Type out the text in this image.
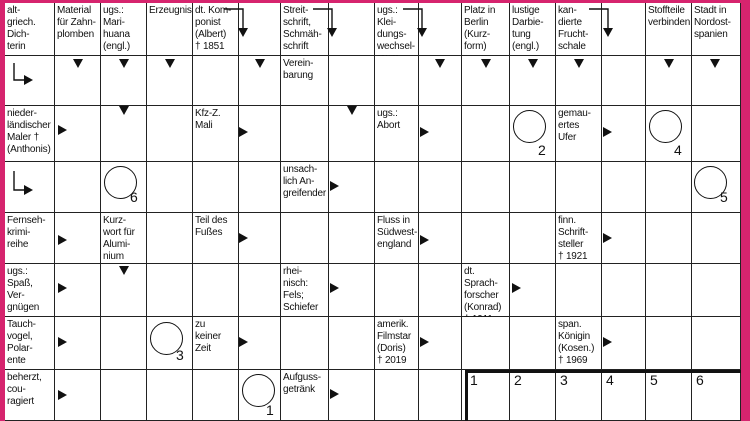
alt-
griech.
Dich-
terin
Material
für Zahn-
plomben
ugs.:
Mari-
huana
(engl.)
Erzeugnis dt. Kom-
ponist
(Albert)
† 1851
Streit-
schrift,
Schmäh-
schrift
ugs.: Klei-
dungs-
wechsel-

Platz in
Berlin
(Kurz-
form)
lustige
Darbie-
tung
(engl.)
kan-
dierte
Frucht-
schale
Stoffteile
verbinden
Stadt in
Nordost-
spanien
Verein-
barung
nieder-
ländischer
Maler †
(Anthonis)
Kfz-Z.
Mali
ugs.:
Abort
gemau-
ertes
Ufer
unsach-
lich An-
greifender
Fernseh-
krimi-
reihe
Kurz-
wort für
Alumi-
nium
Teil des
Fußes
Fluss in
Südwest-
england
finn.
Schrift-
steller
† 1921
ugs.:
Spaß,
Ver-
gnügen
rhei-
nisch:
Fels;
Schiefer
dt. Sprach-
forscher
(Konrad)

Tauch-
vogel,
Polar-
ente
zu
keiner
Zeit
amerik.
Filmstar
(Doris)
† 2019
span.
Königin
(Kosen.)
† 1969
beherzt,
cou-
ragiert
Aufguss-
getränk
6
2	4
5
3
1
1	2	3	4	5	6
